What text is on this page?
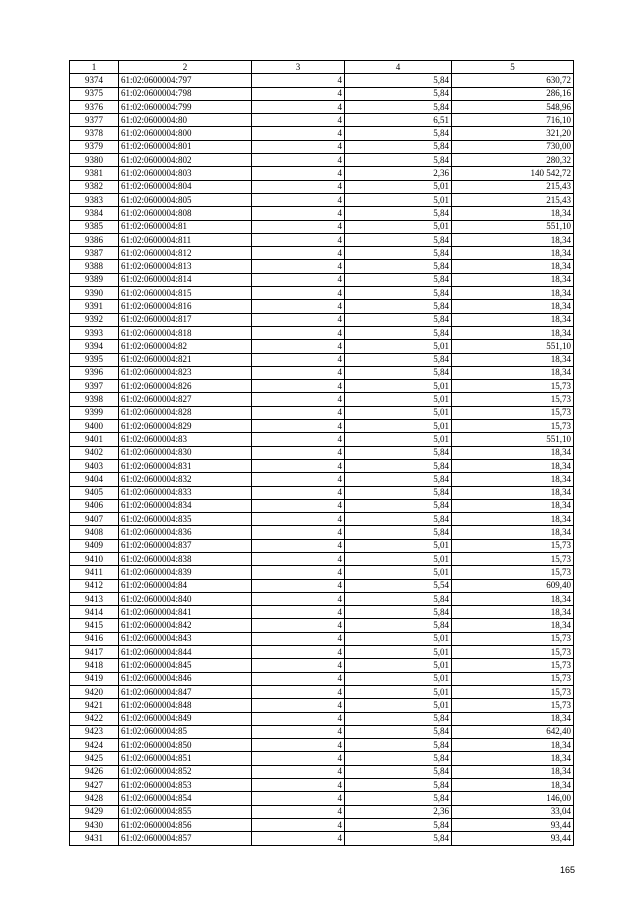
1	2	3	4	5
9374	61:02:0600004:797	4	5,84	630,72
9375	61:02:0600004:798	4	5,84	286,16
9376	61:02:0600004:799	4	5,84	548,96
9377	61:02:0600004:80	4	6,51	716,10
9378	61:02:0600004:800	4	5,84	321,20
9379	61:02:0600004:801	4	5,84	730,00
9380	61:02:0600004:802	4	5,84	280,32
9381	61:02:0600004:803	4	2,36	140 542,72
9382	61:02:0600004:804	4	5,01	215,43
9383	61:02:0600004:805	4	5,01	215,43
9384	61:02:0600004:808	4	5,84	18,34
9385	61:02:0600004:81	4	5,01	551,10
9386	61:02:0600004:811	4	5,84	18,34
9387	61:02:0600004:812	4	5,84	18,34
9388	61:02:0600004:813	4	5,84	18,34
9389	61:02:0600004:814	4	5,84	18,34
9390	61:02:0600004:815	4	5,84	18,34
9391	61:02:0600004:816	4	5,84	18,34
9392	61:02:0600004:817	4	5,84	18,34
9393	61:02:0600004:818	4	5,84	18,34
9394	61:02:0600004:82	4	5,01	551,10
9395	61:02:0600004:821	4	5,84	18,34
9396	61:02:0600004:823	4	5,84	18,34
9397	61:02:0600004:826	4	5,01	15,73
9398	61:02:0600004:827	4	5,01	15,73
9399	61:02:0600004:828	4	5,01	15,73
9400	61:02:0600004:829	4	5,01	15,73
9401	61:02:0600004:83	4	5,01	551,10
9402	61:02:0600004:830	4	5,84	18,34
9403	61:02:0600004:831	4	5,84	18,34
9404	61:02:0600004:832	4	5,84	18,34
9405	61:02:0600004:833	4	5,84	18,34
9406	61:02:0600004:834	4	5,84	18,34
9407	61:02:0600004:835	4	5,84	18,34
9408	61:02:0600004:836	4	5,84	18,34
9409	61:02:0600004:837	4	5,01	15,73
9410	61:02:0600004:838	4	5,01	15,73
9411	61:02:0600004:839	4	5,01	15,73
9412	61:02:0600004:84	4	5,54	609,40
9413	61:02:0600004:840	4	5,84	18,34
9414	61:02:0600004:841	4	5,84	18,34
9415	61:02:0600004:842	4	5,84	18,34
9416	61:02:0600004:843	4	5,01	15,73
9417	61:02:0600004:844	4	5,01	15,73
9418	61:02:0600004:845	4	5,01	15,73
9419	61:02:0600004:846	4	5,01	15,73
9420	61:02:0600004:847	4	5,01	15,73
9421	61:02:0600004:848	4	5,01	15,73
9422	61:02:0600004:849	4	5,84	18,34
9423	61:02:0600004:85	4	5,84	642,40
9424	61:02:0600004:850	4	5,84	18,34
9425	61:02:0600004:851	4	5,84	18,34
9426	61:02:0600004:852	4	5,84	18,34
9427	61:02:0600004:853	4	5,84	18,34
9428	61:02:0600004:854	4	5,84	146,00
9429	61:02:0600004:855	4	2,36	33,04
9430	61:02:0600004:856	4	5,84	93,44
9431	61:02:0600004:857	4	5,84	93,44
165
